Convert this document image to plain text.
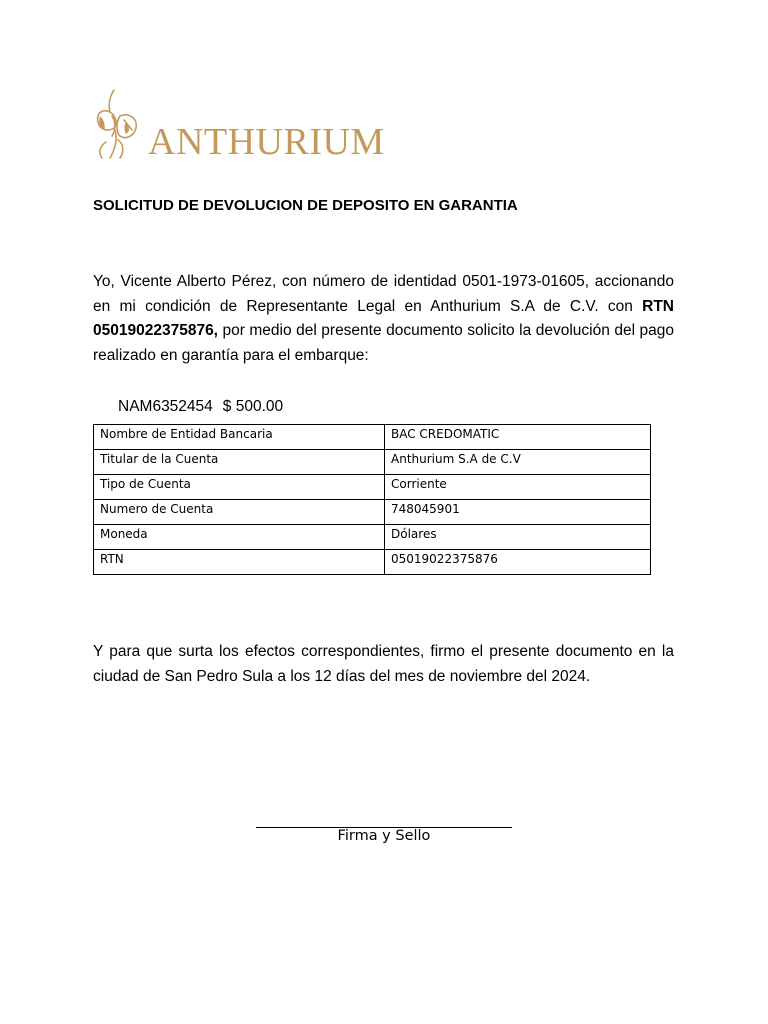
ANTHURIUM
SOLICITUD DE DEVOLUCION DE DEPOSITO EN GARANTIA
Yo, Vicente Alberto Pérez, con número de identidad 0501-1973-01605, accionando en mi condición de Representante Legal en Anthurium S.A de C.V. con RTN 05019022375876, por medio del presente documento solicito la devolución del pago realizado en garantía para el embarque:
NAM6352454 $ 500.00
Nombre de Entidad Bancaria	BAC CREDOMATIC
Titular de la Cuenta	Anthurium S.A de C.V
Tipo de Cuenta	Corriente
Numero de Cuenta	748045901
Moneda	Dólares
RTN	05019022375876
Y para que surta los efectos correspondientes, firmo el presente documento en la ciudad de San Pedro Sula a los 12 días del mes de noviembre del 2024.
Firma y Sello
